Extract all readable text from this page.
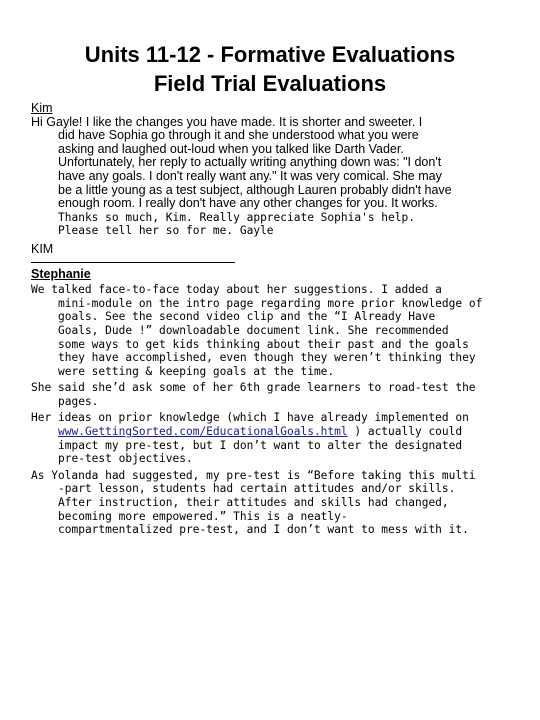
Units 11-12 - Formative Evaluations
Field Trial Evaluations
Kim
Hi Gayle! I like the changes you have made. It is shorter and sweeter. I
did have Sophia go through it and she understood what you were
asking and laughed out-loud when you talked like Darth Vader.
Unfortunately, her reply to actually writing anything down was: "I don't
have any goals. I don't really want any." It was very comical. She may
be a little young as a test subject, although Lauren probably didn't have
enough room. I really don't have any other changes for you. It works.
Thanks so much, Kim. Really appreciate Sophia's help.
Please tell her so for me. Gayle
KIM
Stephanie
We talked face-to-face today about her suggestions. I added a
mini-module on the intro page regarding more prior knowledge of
goals. See the second video clip and the “I Already Have
Goals, Dude !” downloadable document link. She recommended
some ways to get kids thinking about their past and the goals
they have accomplished, even though they weren’t thinking they
were setting & keeping goals at the time.
She said she’d ask some of her 6th grade learners to road-test the
pages.
Her ideas on prior knowledge (which I have already implemented on
www.GettingSorted.com/EducationalGoals.html ) actually could
impact my pre-test, but I don’t want to alter the designated
pre-test objectives.
As Yolanda had suggested, my pre-test is “Before taking this multi
-part lesson, students had certain attitudes and/or skills.
After instruction, their attitudes and skills had changed,
becoming more empowered.” This is a neatly-
compartmentalized pre-test, and I don’t want to mess with it.
